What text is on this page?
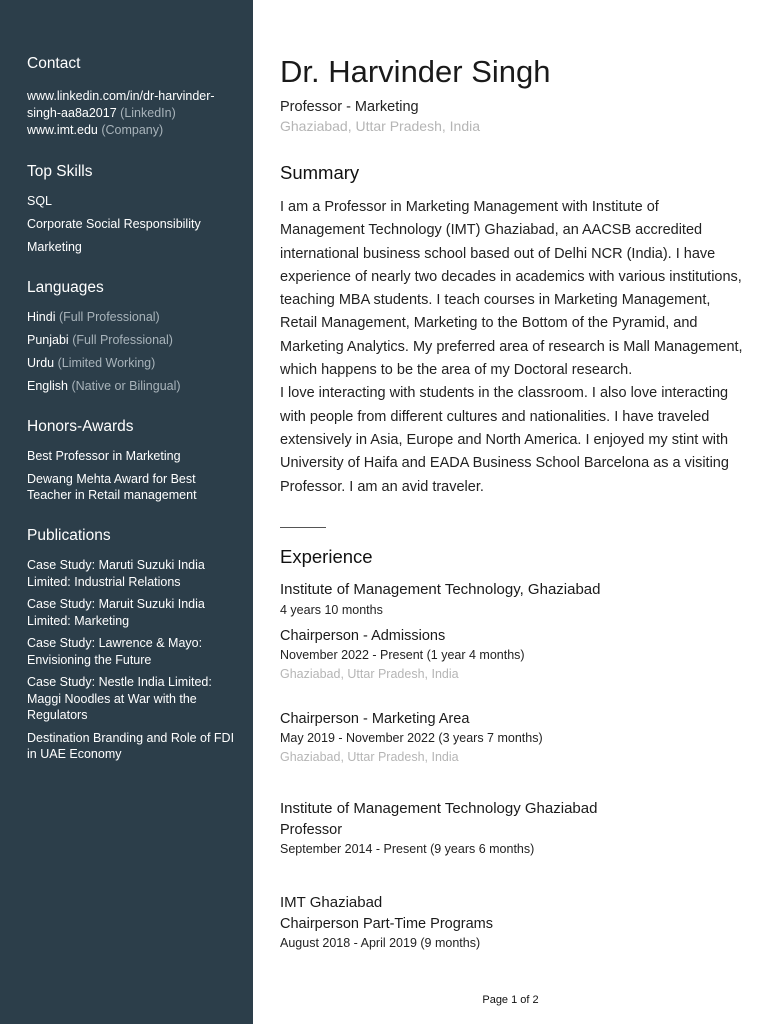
Contact
www.linkedin.com/in/dr-harvinder-
singh-aa8a2017 (LinkedIn)
www.imt.edu (Company)
Top Skills
SQL
Corporate Social Responsibility
Marketing
Languages
Hindi (Full Professional)
Punjabi (Full Professional)
Urdu (Limited Working)
English (Native or Bilingual)
Honors-Awards
Best Professor in Marketing
Dewang Mehta Award for Best Teacher in Retail management
Publications
Case Study: Maruti Suzuki India Limited: Industrial Relations
Case Study: Maruit Suzuki India Limited: Marketing
Case Study: Lawrence & Mayo: Envisioning the Future
Case Study: Nestle India Limited: Maggi Noodles at War with the Regulators
Destination Branding and Role of FDI in UAE Economy
Dr. Harvinder Singh
Professor - Marketing
Ghaziabad, Uttar Pradesh, India
Summary

I am a Professor in Marketing Management with Institute of Management Technology (IMT) Ghaziabad, an AACSB accredited international business school based out of Delhi NCR (India). I have experience of nearly two decades in academics with various institutions, teaching MBA students. I teach courses in Marketing Management, Retail Management, Marketing to the Bottom of the Pyramid, and Marketing Analytics. My preferred area of research is Mall Management, which happens to be the area of my Doctoral research.

I love interacting with students in the classroom. I also love interacting with people from different cultures and nationalities. I have traveled extensively in Asia, Europe and North America. I enjoyed my stint with University of Haifa and EADA Business School Barcelona as a visiting Professor. I am an avid traveler.

Experience
Institute of Management Technology, Ghaziabad
4 years 10 months
Chairperson - Admissions
November 2022 - Present (1 year 4 months)
Ghaziabad, Uttar Pradesh, India
Chairperson - Marketing Area
May 2019 - November 2022 (3 years 7 months)
Ghaziabad, Uttar Pradesh, India
Institute of Management Technology Ghaziabad
Professor
September 2014 - Present (9 years 6 months)
IMT Ghaziabad
Chairperson Part-Time Programs
August 2018 - April 2019 (9 months)
Page 1 of 2
